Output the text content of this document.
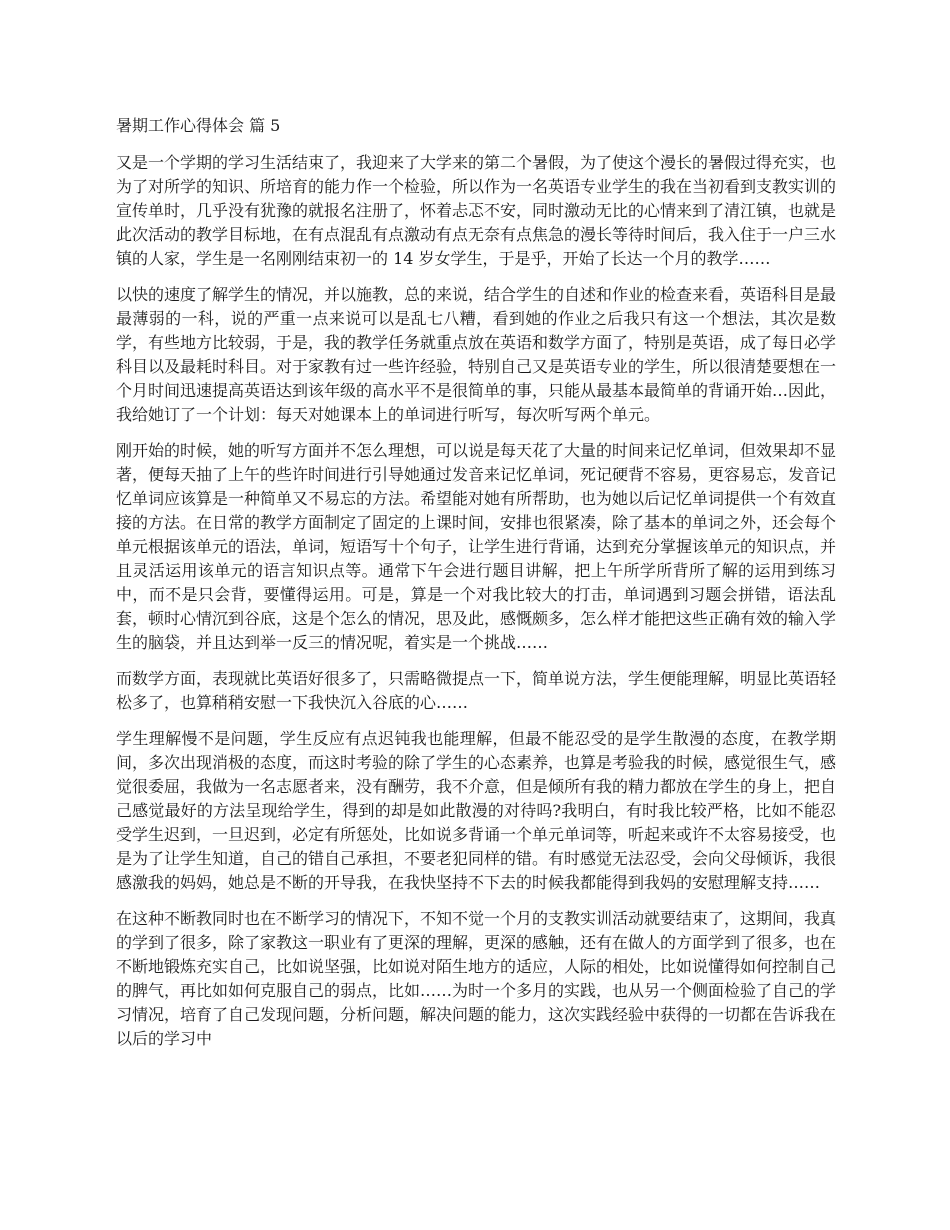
暑期工作心得体会 篇 5

又是一个学期的学习生活结束了，我迎来了大学来的第二个暑假，为了使这个漫长的暑假过得充实，也为了对所学的知识、所培育的能力作一个检验，所以作为一名英语专业学生的我在当初看到支教实训的宣传单时，几乎没有犹豫的就报名注册了，怀着忐忑不安，同时激动无比的心情来到了清江镇，也就是此次活动的教学目标地，在有点混乱有点激动有点无奈有点焦急的漫长等待时间后，我入住于一户三水镇的人家，学生是一名刚刚结束初一的 14 岁女学生，于是乎，开始了长达一个月的教学……

以快的速度了解学生的情况，并以施教，总的来说，结合学生的自述和作业的检查来看，英语科目是最最薄弱的一科，说的严重一点来说可以是乱七八糟，看到她的作业之后我只有这一个想法，其次是数学，有些地方比较弱，于是，我的教学任务就重点放在英语和数学方面了，特别是英语，成了每日必学科目以及最耗时科目。对于家教有过一些许经验，特别自己又是英语专业的学生，所以很清楚要想在一个月时间迅速提高英语达到该年级的高水平不是很简单的事，只能从最基本最简单的背诵开始…因此，我给她订了一个计划：每天对她课本上的单词进行听写，每次听写两个单元。

刚开始的时候，她的听写方面并不怎么理想，可以说是每天花了大量的时间来记忆单词，但效果却不显著，便每天抽了上午的些许时间进行引导她通过发音来记忆单词，死记硬背不容易，更容易忘，发音记忆单词应该算是一种简单又不易忘的方法。希望能对她有所帮助，也为她以后记忆单词提供一个有效直接的方法。在日常的教学方面制定了固定的上课时间，安排也很紧凑，除了基本的单词之外，还会每个单元根据该单元的语法，单词，短语写十个句子，让学生进行背诵，达到充分掌握该单元的知识点，并且灵活运用该单元的语言知识点等。通常下午会进行题目讲解，把上午所学所背所了解的运用到练习中，而不是只会背，要懂得运用。可是，算是一个对我比较大的打击，单词遇到习题会拼错，语法乱套，顿时心情沉到谷底，这是个怎么的情况，思及此，感慨颇多，怎么样才能把这些正确有效的输入学生的脑袋，并且达到举一反三的情况呢，着实是一个挑战……

而数学方面，表现就比英语好很多了，只需略微提点一下，简单说方法，学生便能理解，明显比英语轻松多了，也算稍稍安慰一下我快沉入谷底的心……

学生理解慢不是问题，学生反应有点迟钝我也能理解，但最不能忍受的是学生散漫的态度，在教学期间，多次出现消极的态度，而这时考验的除了学生的心态素养，也算是考验我的时候，感觉很生气，感觉很委屈，我做为一名志愿者来，没有酬劳，我不介意，但是倾所有我的精力都放在学生的身上，把自己感觉最好的方法呈现给学生，得到的却是如此散漫的对待吗?我明白，有时我比较严格，比如不能忍受学生迟到，一旦迟到，必定有所惩处，比如说多背诵一个单元单词等，听起来或许不太容易接受，也是为了让学生知道，自己的错自己承担，不要老犯同样的错。有时感觉无法忍受，会向父母倾诉，我很感激我的妈妈，她总是不断的开导我，在我快坚持不下去的时候我都能得到我妈的安慰理解支持……

在这种不断教同时也在不断学习的情况下，不知不觉一个月的支教实训活动就要结束了，这期间，我真的学到了很多，除了家教这一职业有了更深的理解，更深的感触，还有在做人的方面学到了很多，也在不断地锻炼充实自己，比如说坚强，比如说对陌生地方的适应，人际的相处，比如说懂得如何控制自己的脾气，再比如如何克服自己的弱点，比如……为时一个多月的实践，也从另一个侧面检验了自己的学习情况，培育了自己发现问题，分析问题，解决问题的能力，这次实践经验中获得的一切都在告诉我在以后的学习中
